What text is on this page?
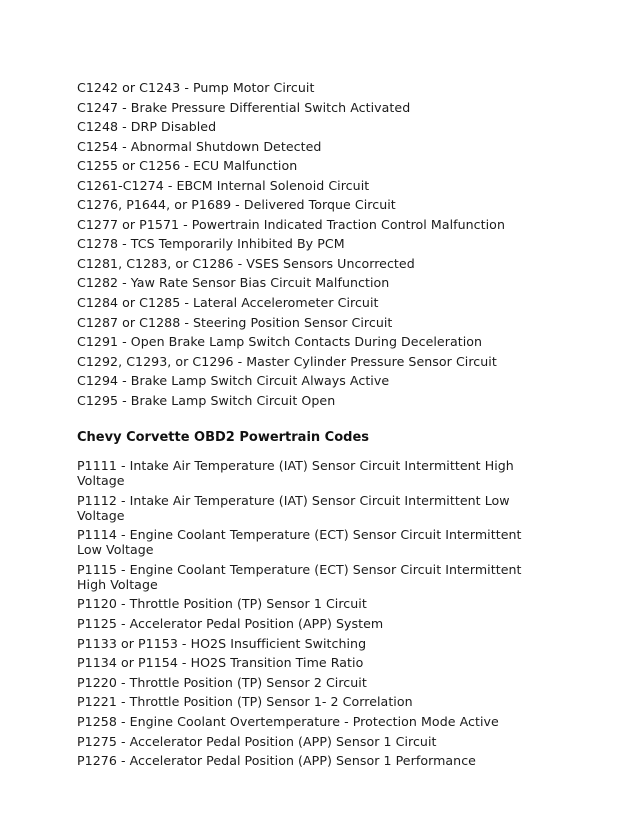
C1242 or C1243 - Pump Motor Circuit
C1247 - Brake Pressure Differential Switch Activated
C1248 - DRP Disabled
C1254 - Abnormal Shutdown Detected
C1255 or C1256 - ECU Malfunction
C1261-C1274 - EBCM Internal Solenoid Circuit
C1276, P1644, or P1689 - Delivered Torque Circuit
C1277 or P1571 - Powertrain Indicated Traction Control Malfunction
C1278 - TCS Temporarily Inhibited By PCM
C1281, C1283, or C1286 - VSES Sensors Uncorrected
C1282 - Yaw Rate Sensor Bias Circuit Malfunction
C1284 or C1285 - Lateral Accelerometer Circuit
C1287 or C1288 - Steering Position Sensor Circuit
C1291 - Open Brake Lamp Switch Contacts During Deceleration
C1292, C1293, or C1296 - Master Cylinder Pressure Sensor Circuit
C1294 - Brake Lamp Switch Circuit Always Active
C1295 - Brake Lamp Switch Circuit Open
Chevy Corvette OBD2 Powertrain Codes
P1111 - Intake Air Temperature (IAT) Sensor Circuit Intermittent High Voltage
P1112 - Intake Air Temperature (IAT) Sensor Circuit Intermittent Low Voltage
P1114 - Engine Coolant Temperature (ECT) Sensor Circuit Intermittent Low Voltage
P1115 - Engine Coolant Temperature (ECT) Sensor Circuit Intermittent High Voltage
P1120 - Throttle Position (TP) Sensor 1 Circuit
P1125 - Accelerator Pedal Position (APP) System
P1133 or P1153 - HO2S Insufficient Switching
P1134 or P1154 - HO2S Transition Time Ratio
P1220 - Throttle Position (TP) Sensor 2 Circuit
P1221 - Throttle Position (TP) Sensor 1- 2 Correlation
P1258 - Engine Coolant Overtemperature - Protection Mode Active
P1275 - Accelerator Pedal Position (APP) Sensor 1 Circuit
P1276 - Accelerator Pedal Position (APP) Sensor 1 Performance
